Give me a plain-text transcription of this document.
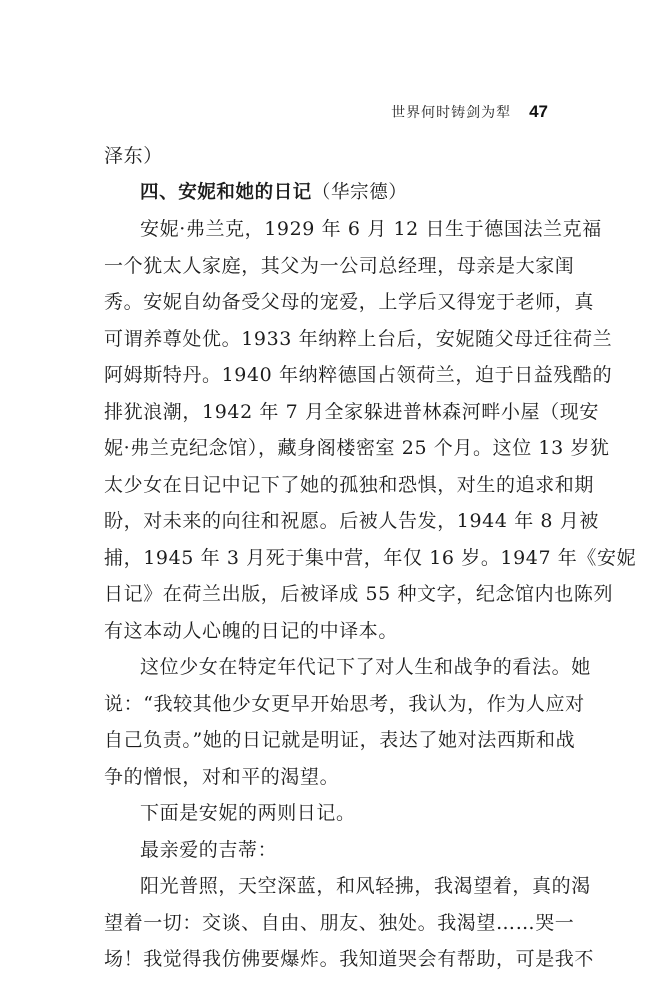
世界何时铸剑为犁 47
泽东）
四、安妮和她的日记（华宗德）
安妮·弗兰克，1929 年 6 月 12 日生于德国法兰克福
一个犹太人家庭，其父为一公司总经理，母亲是大家闺
秀。安妮自幼备受父母的宠爱，上学后又得宠于老师，真
可谓养尊处优。1933 年纳粹上台后，安妮随父母迁往荷兰
阿姆斯特丹。1940 年纳粹德国占领荷兰，迫于日益残酷的
排犹浪潮，1942 年 7 月全家躲进普林森河畔小屋（现安
妮·弗兰克纪念馆），藏身阁楼密室 25 个月。这位 13 岁犹
太少女在日记中记下了她的孤独和恐惧，对生的追求和期
盼，对未来的向往和祝愿。后被人告发，1944 年 8 月被
捕，1945 年 3 月死于集中营，年仅 16 岁。1947 年《安妮
日记》在荷兰出版，后被译成 55 种文字，纪念馆内也陈列
有这本动人心魄的日记的中译本。
这位少女在特定年代记下了对人生和战争的看法。她
说：“我较其他少女更早开始思考，我认为，作为人应对
自己负责。”她的日记就是明证，表达了她对法西斯和战
争的憎恨，对和平的渴望。
下面是安妮的两则日记。
最亲爱的吉蒂：
阳光普照，天空深蓝，和风轻拂，我渴望着，真的渴
望着一切：交谈、自由、朋友、独处。我渴望……哭一
场！我觉得我仿佛要爆炸。我知道哭会有帮助，可是我不
